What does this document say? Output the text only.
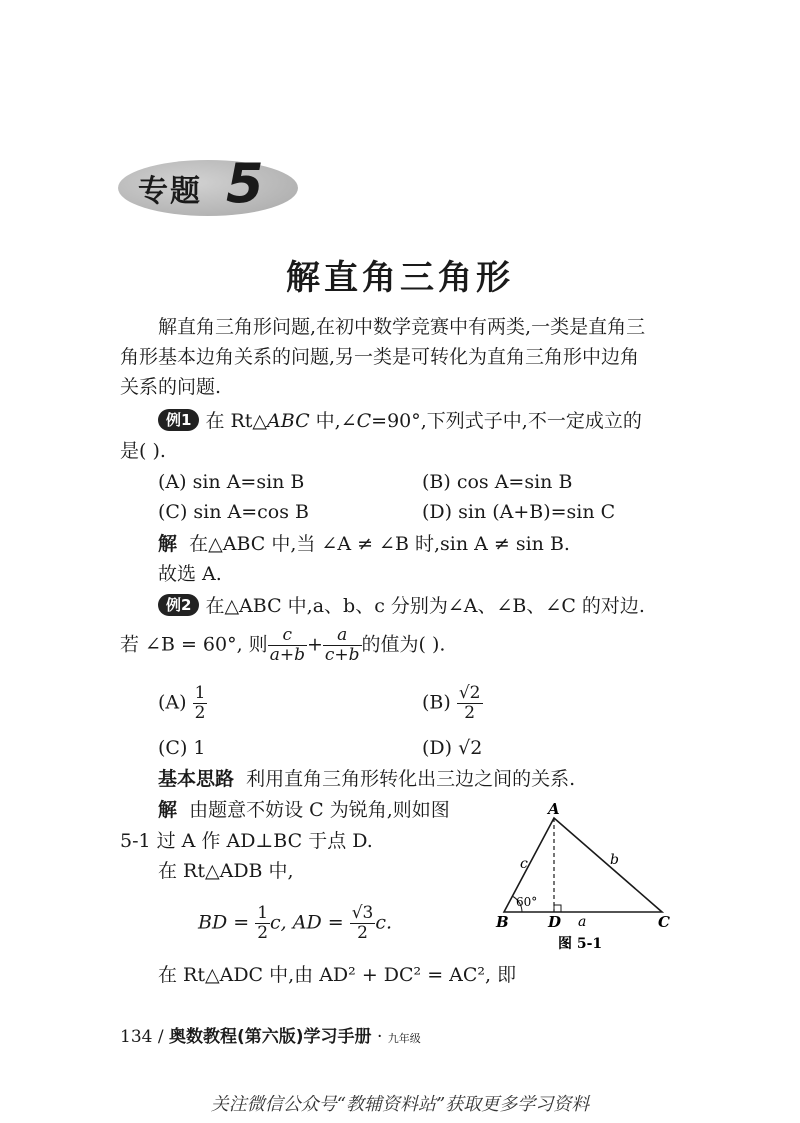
专题 5
解直角三角形
解直角三角形问题,在初中数学竞赛中有两类,一类是直角三
角形基本边角关系的问题,另一类是可转化为直角三角形中边角
关系的问题.
例1 在 Rt△ABC 中,∠C=90°,下列式子中,不一定成立的
是( ).
(A) sin A=sin B	(B) cos A=sin B
(C) sin A=cos B	(D) sin (A+B)=sin C
解 在△ABC 中,当 ∠A ≠ ∠B 时,sin A ≠ sin B.
故选 A.
例2 在△ABC 中,a、b、c 分别为∠A、∠B、∠C 的对边.
若 ∠B = 60°, 则 $\frac{c}{a+b} + \frac{a}{c+b}$ 的值为( ).
$(A) \frac{1}{2}$	$(B) \frac{√2}{2}$
(C) 1	(D) √2
基本思路 利用直角三角形转化出三边之间的关系.
解 由题意不妨设 C 为锐角,则如图
5-1 过 A 作 AD⊥BC 于点 D.
在 Rt△ADB 中,
BD = $\frac{1}{2} c$, AD = $\frac{√3}{2} c$.
在 Rt△ADC 中,由 AD² + DC² = AC², 即
A
B	C
D
c	b
a
60°
图 5-1
134 / 奥数教程(第六版)学习手册 · 九年级
关注微信公众号“教辅资料站”获取更多学习资料
